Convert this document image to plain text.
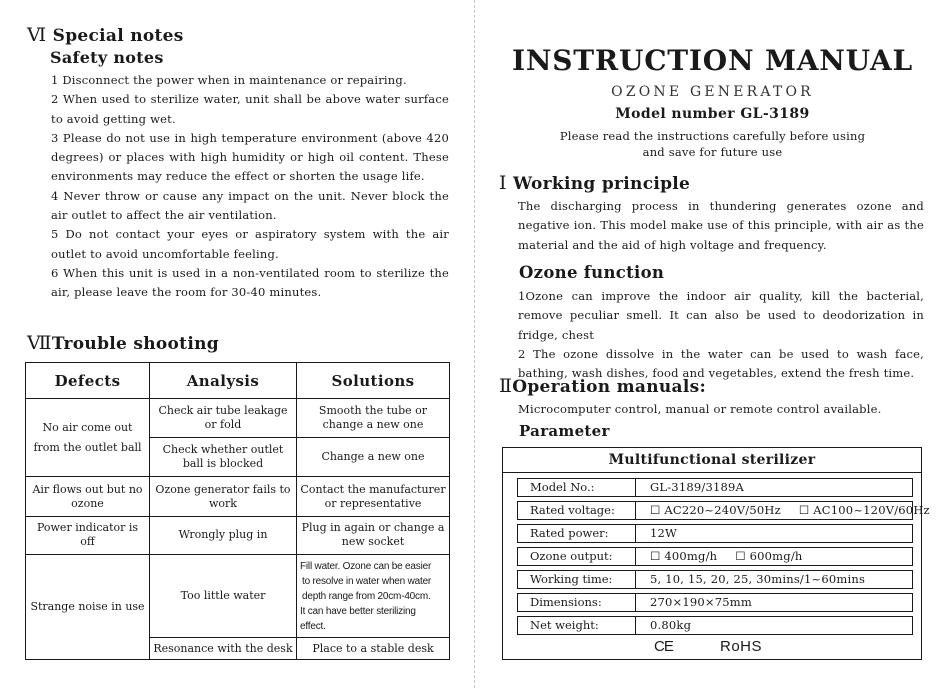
Ⅵ Special notes
Safety notes

1 Disconnect the power when in maintenance or repairing.

2 When used to sterilize water, unit shall be above water surface to avoid getting wet.

3 Please do not use in high temperature environment (above 420 degrees) or places with high humidity or high oil content. These environments may reduce the effect or shorten the usage life.

4 Never throw or cause any impact on the unit. Never block the air outlet to affect the air ventilation.

5 Do not contact your eyes or aspiratory system with the air outlet to avoid uncomfortable feeling.

6 When this unit is used in a non-ventilated room to sterilize the air, please leave the room for 30-40 minutes.

ⅦTrouble shooting
Defects	Analysis	Solutions
No air come out from the outlet ball	Check air tube leakage or fold	Smooth the tube or change a new one
	Check whether outlet ball is blocked	Change a new one
Air flows out but no ozone	Ozone generator fails to work	Contact the manufacturer or representative
Power indicator is off	Wrongly plug in	Plug in again or change a new socket
Strange noise in use	Too little water	Fill water. Ozone can be easier
to resolve in water when water
depth range from 20cm-40cm.
It can have better sterilizing
effect.

	Resonance with the desk	Place to a stable desk
INSTRUCTION MANUAL
OZONE GENERATOR
Model number GL-3189
Please read the instructions carefully before using
and save for future use
Ⅰ Working principle

The discharging process in thundering generates ozone and negative ion. This model make use of this principle, with air as the material and the aid of high voltage and frequency.

Ozone function

1Ozone can improve the indoor air quality, kill the bacterial, remove peculiar smell. It can also be used to deodorization in fridge, chest

2 The ozone dissolve in the water can be used to wash face, bathing, wash dishes, food and vegetables, extend the fresh time.

ⅡOperation manuals:

Microcomputer control, manual or remote control available.

Parameter
Multifunctional sterilizer
Model No.:	GL-3189/3189A
Rated voltage:	☐ AC220~240V/50Hz ☐ AC100~120V/60Hz
Rated power:	12W
Ozone output:	☐ 400mg/h ☐ 600mg/h
Working time:	5, 10, 15, 20, 25, 30mins/1~60mins
Dimensions:	270×190×75mm
Net weight:	0.80kg
CE	RoHS
